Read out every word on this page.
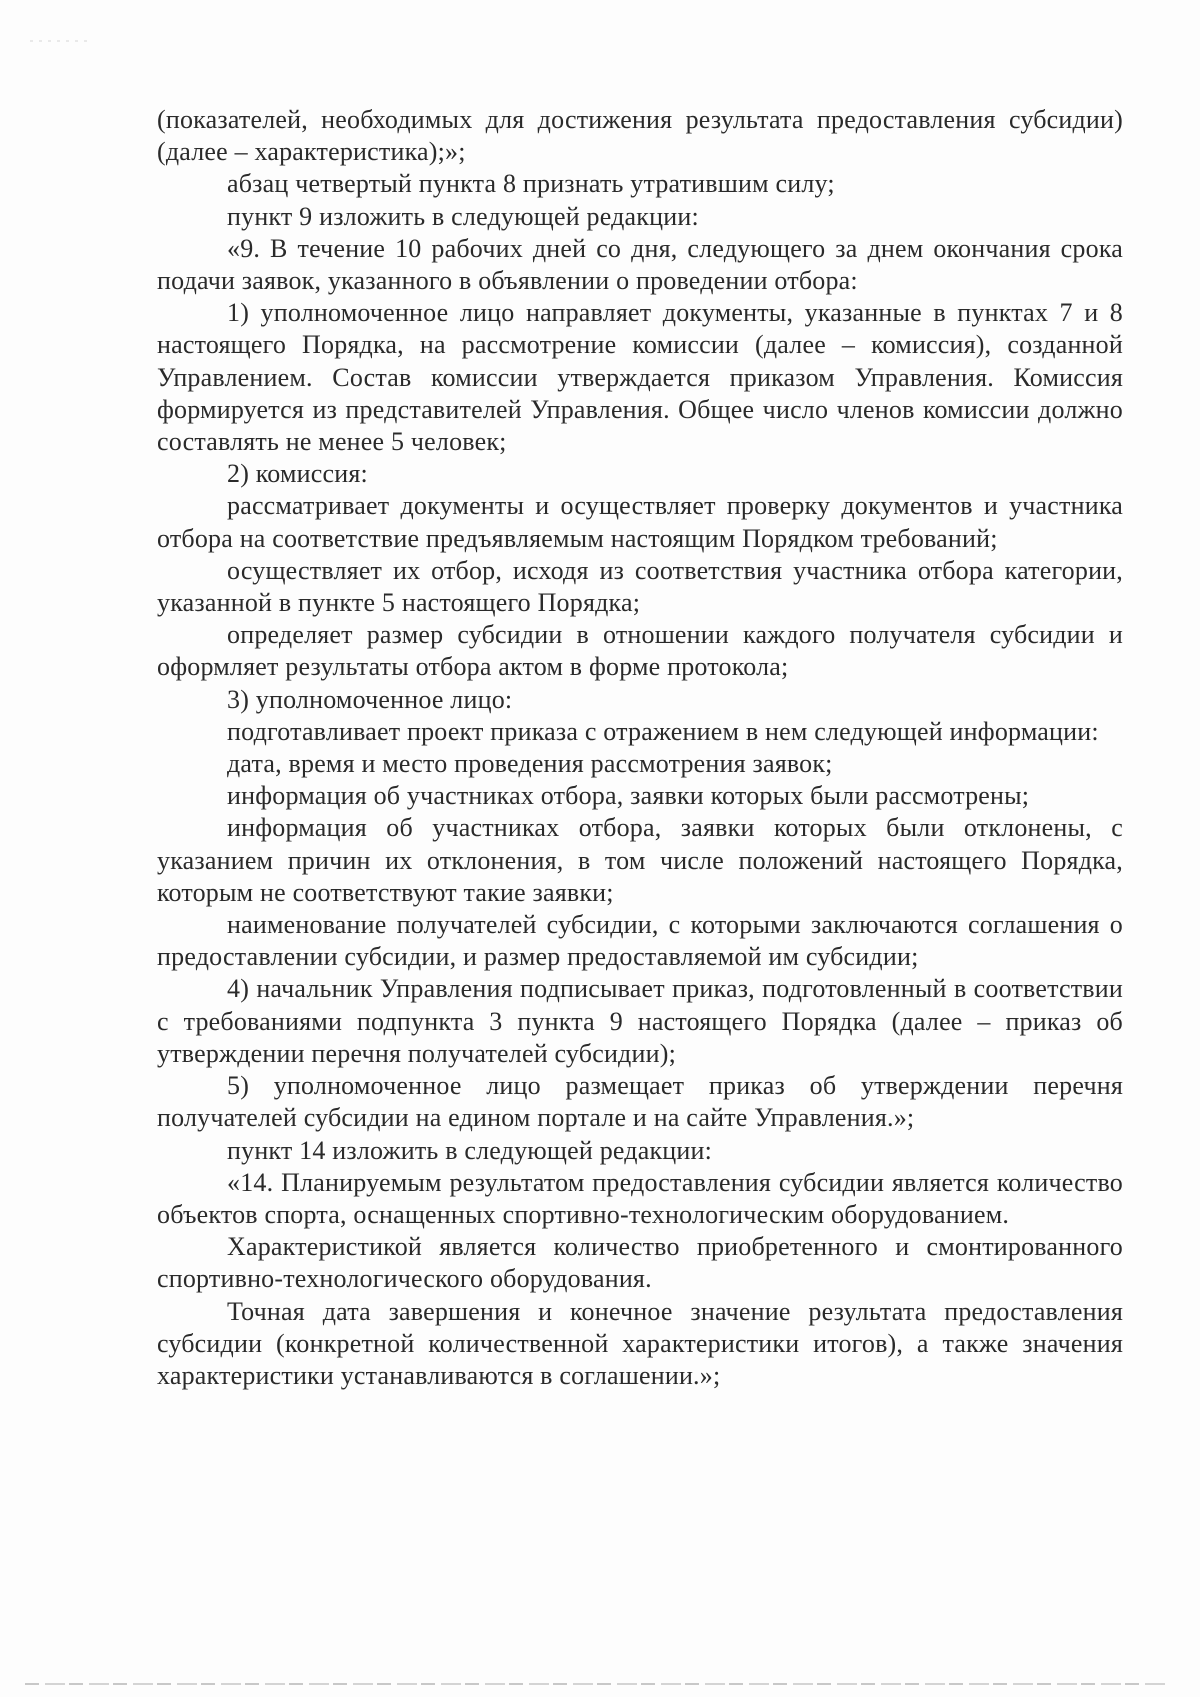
(показателей, необходимых для достижения результата предоставления субсидии) (далее – характеристика);»;

абзац четвертый пункта 8 признать утратившим силу;

пункт 9 изложить в следующей редакции:

«9. В течение 10 рабочих дней со дня, следующего за днем окончания срока подачи заявок, указанного в объявлении о проведении отбора:

1) уполномоченное лицо направляет документы, указанные в пунктах 7 и 8 настоящего Порядка, на рассмотрение комиссии (далее – комиссия), созданной Управлением. Состав комиссии утверждается приказом Управления. Комиссия формируется из представителей Управления. Общее число членов комиссии должно составлять не менее 5 человек;

2) комиссия:

рассматривает документы и осуществляет проверку документов и участника отбора на соответствие предъявляемым настоящим Порядком требований;

осуществляет их отбор, исходя из соответствия участника отбора категории, указанной в пункте 5 настоящего Порядка;

определяет размер субсидии в отношении каждого получателя субсидии и оформляет результаты отбора актом в форме протокола;

3) уполномоченное лицо:

подготавливает проект приказа с отражением в нем следующей информации:

дата, время и место проведения рассмотрения заявок;

информация об участниках отбора, заявки которых были рассмотрены;

информация об участниках отбора, заявки которых были отклонены, с указанием причин их отклонения, в том числе положений настоящего Порядка, которым не соответствуют такие заявки;

наименование получателей субсидии, с которыми заключаются соглашения о предоставлении субсидии, и размер предоставляемой им субсидии;

4) начальник Управления подписывает приказ, подготовленный в соответствии с требованиями подпункта 3 пункта 9 настоящего Порядка (далее – приказ об утверждении перечня получателей субсидии);

5) уполномоченное лицо размещает приказ об утверждении перечня получателей субсидии на едином портале и на сайте Управления.»;

пункт 14 изложить в следующей редакции:

«14. Планируемым результатом предоставления субсидии является количество объектов спорта, оснащенных спортивно-технологическим оборудованием.

Характеристикой является количество приобретенного и смонтированного спортивно-технологического оборудования.

Точная дата завершения и конечное значение результата предоставления субсидии (конкретной количественной характеристики итогов), а также значения характеристики устанавливаются в соглашении.»;
